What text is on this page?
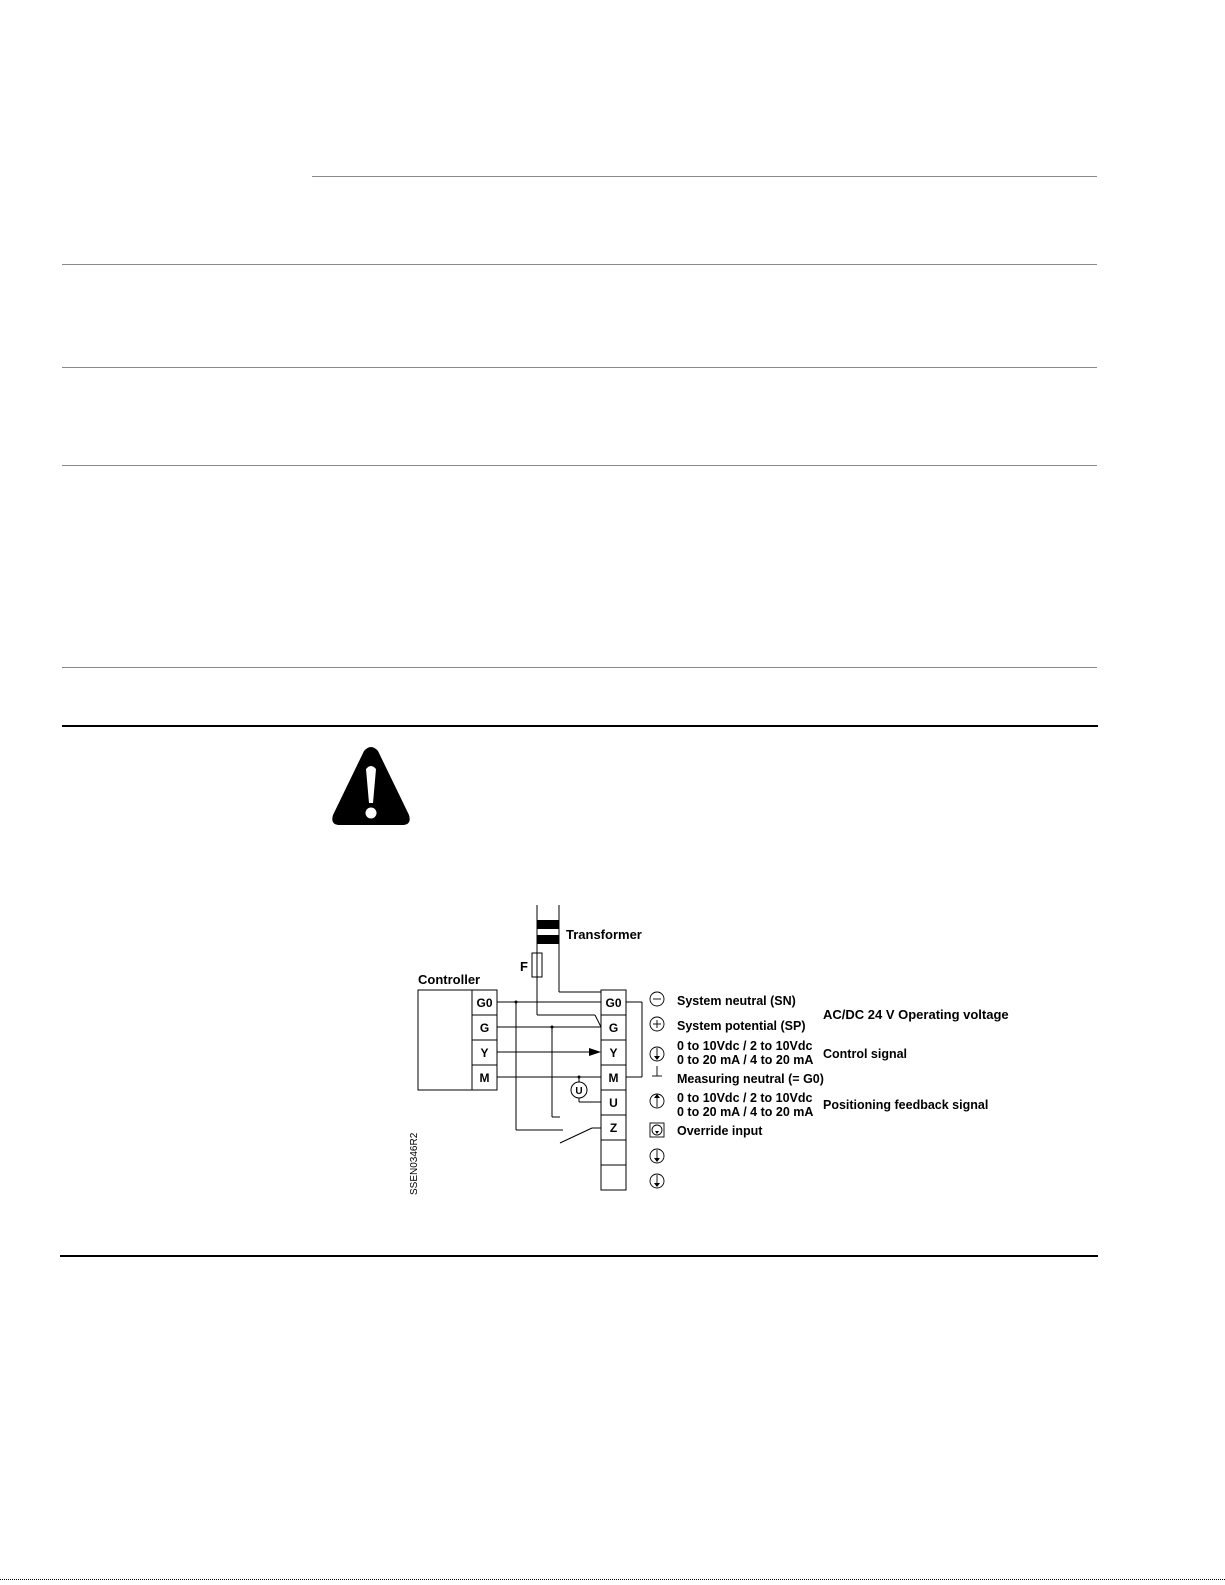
Transformer
F
Controller
G0
G
Y
M
G0
G
Y
M
U
Z
U
System neutral (SN)
System potential (SP)
0 to 10Vdc / 2 to 10Vdc
0 to 20 mA / 4 to 20 mA
Measuring neutral (= G0)
0 to 10Vdc / 2 to 10Vdc
0 to 20 mA / 4 to 20 mA
Override input
AC/DC 24 V Operating voltage
Control signal
Positioning feedback signal
SSEN0346R2
